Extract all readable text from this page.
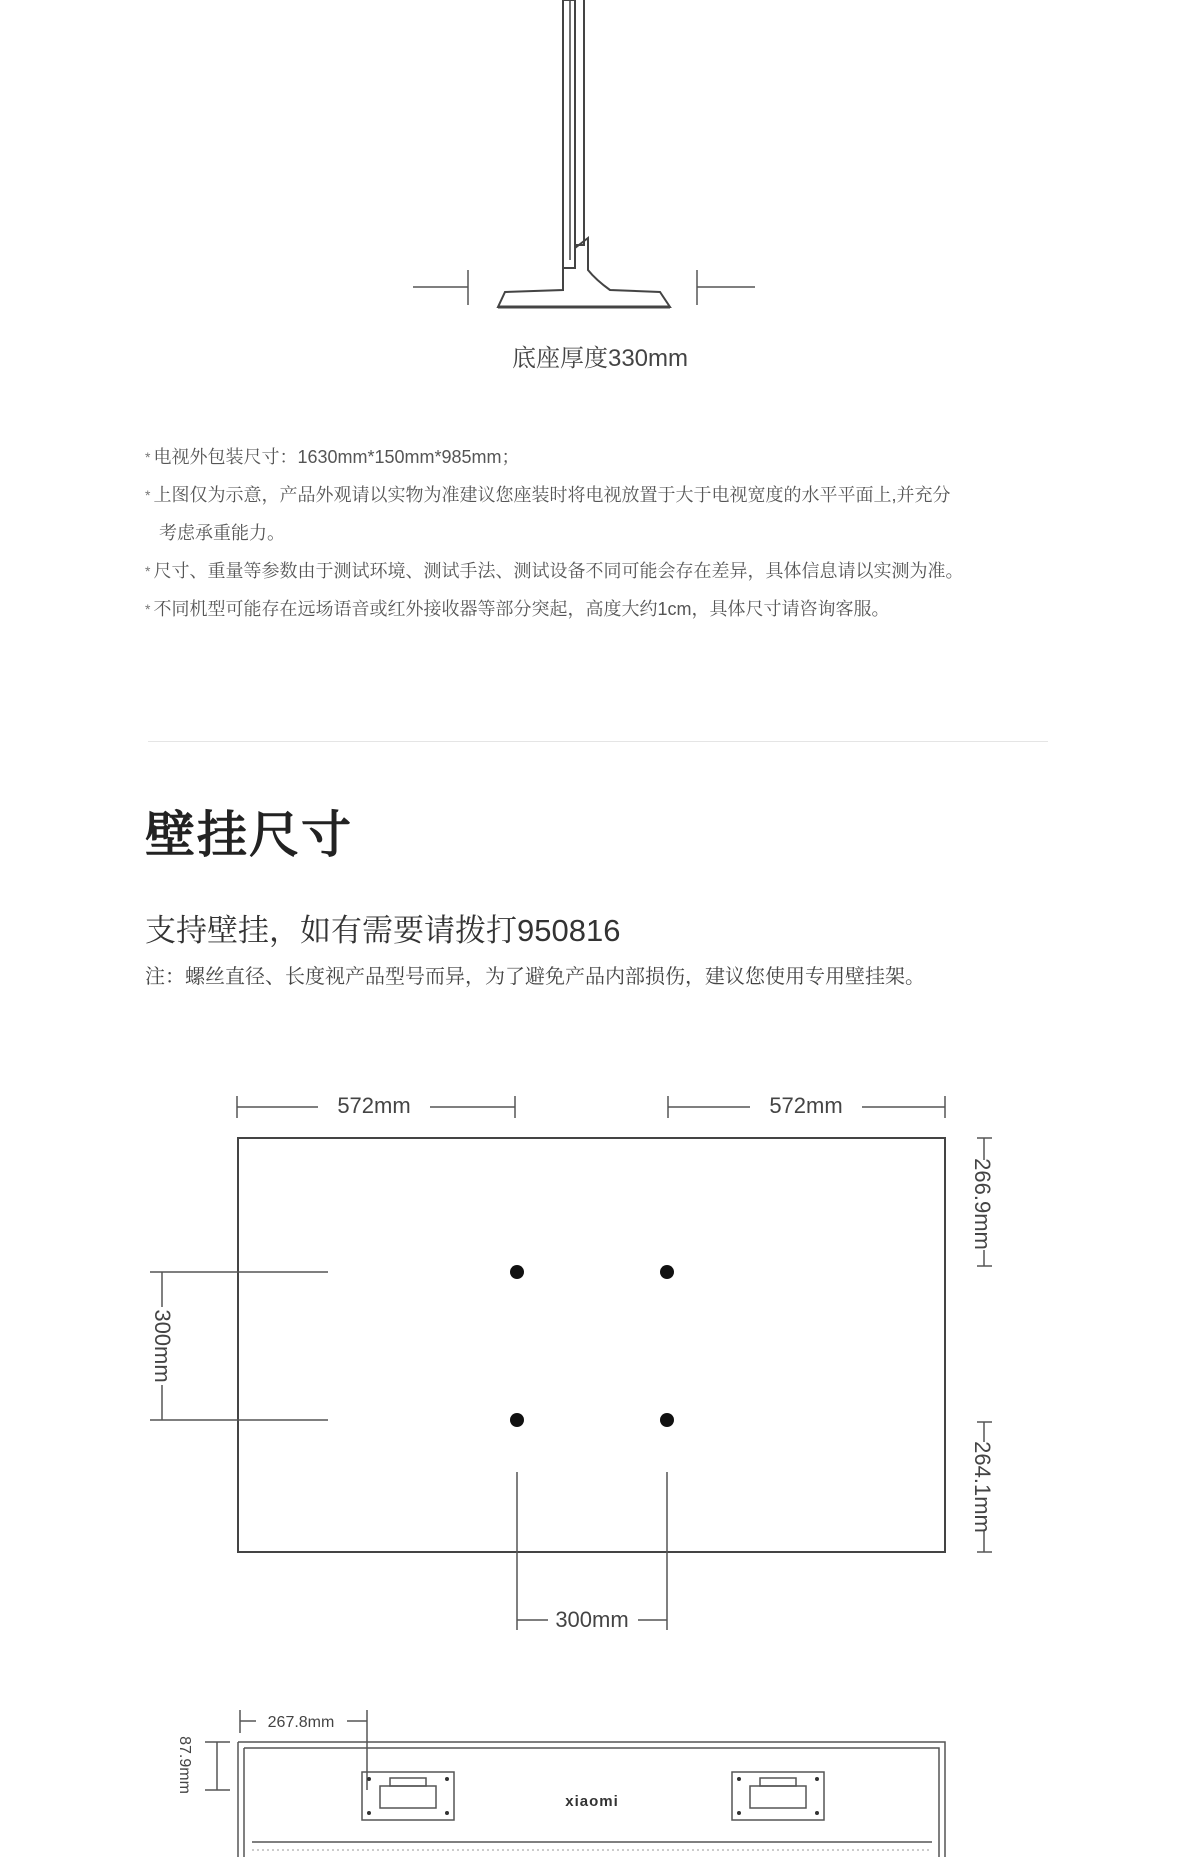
底座厚度330mm

* 电视外包装尺寸：1630mm*150mm*985mm；

* 上图仅为示意，产品外观请以实物为准建议您座装时将电视放置于大于电视宽度的水平平面上,并充分
考虑承重能力。

* 尺寸、重量等参数由于测试环境、测试手法、测试设备不同可能会存在差异，具体信息请以实测为准。

* 不同机型可能存在远场语音或红外接收器等部分突起，高度大约1cm，具体尺寸请咨询客服。

壁挂尺寸
支持壁挂，如有需要请拨打950816
注：螺丝直径、长度视产品型号而异，为了避免产品内部损伤，建议您使用专用壁挂架。
572mm	572mm
300mm
266.9mm
264.1mm
300mm
267.8mm
87.9mm
xiaomi
